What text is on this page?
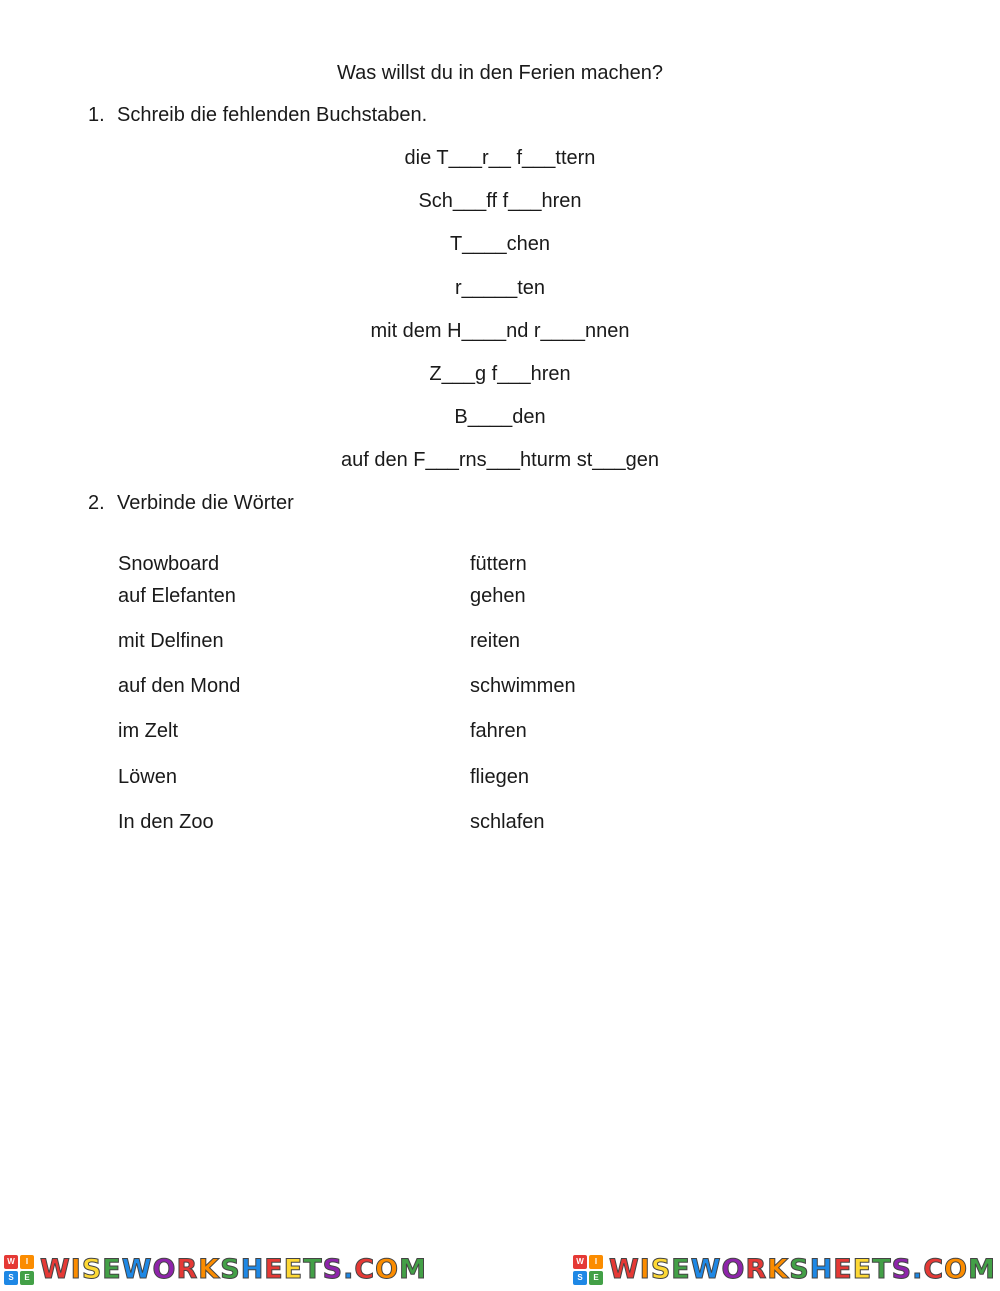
Was willst du in den Ferien machen?
1. Schreib die fehlenden Buchstaben.
die T___r__ f___ttern
Sch___ff f___hren
T____chen
r_____ten
mit dem H____nd r____nnen
Z___g f___hren
B____den
auf den F___rns___hturm st___gen
2. Verbinde die Wörter
Snowboard	füttern
auf Elefanten	gehen
mit Delfinen	reiten
auf den Mond	schwimmen
im Zelt	fahren
Löwen	fliegen
In den Zoo	schlafen
W	I
S	E WISEWORKSHEETS.COM	W	I
S	E WISEWORKSHEETS.COM
